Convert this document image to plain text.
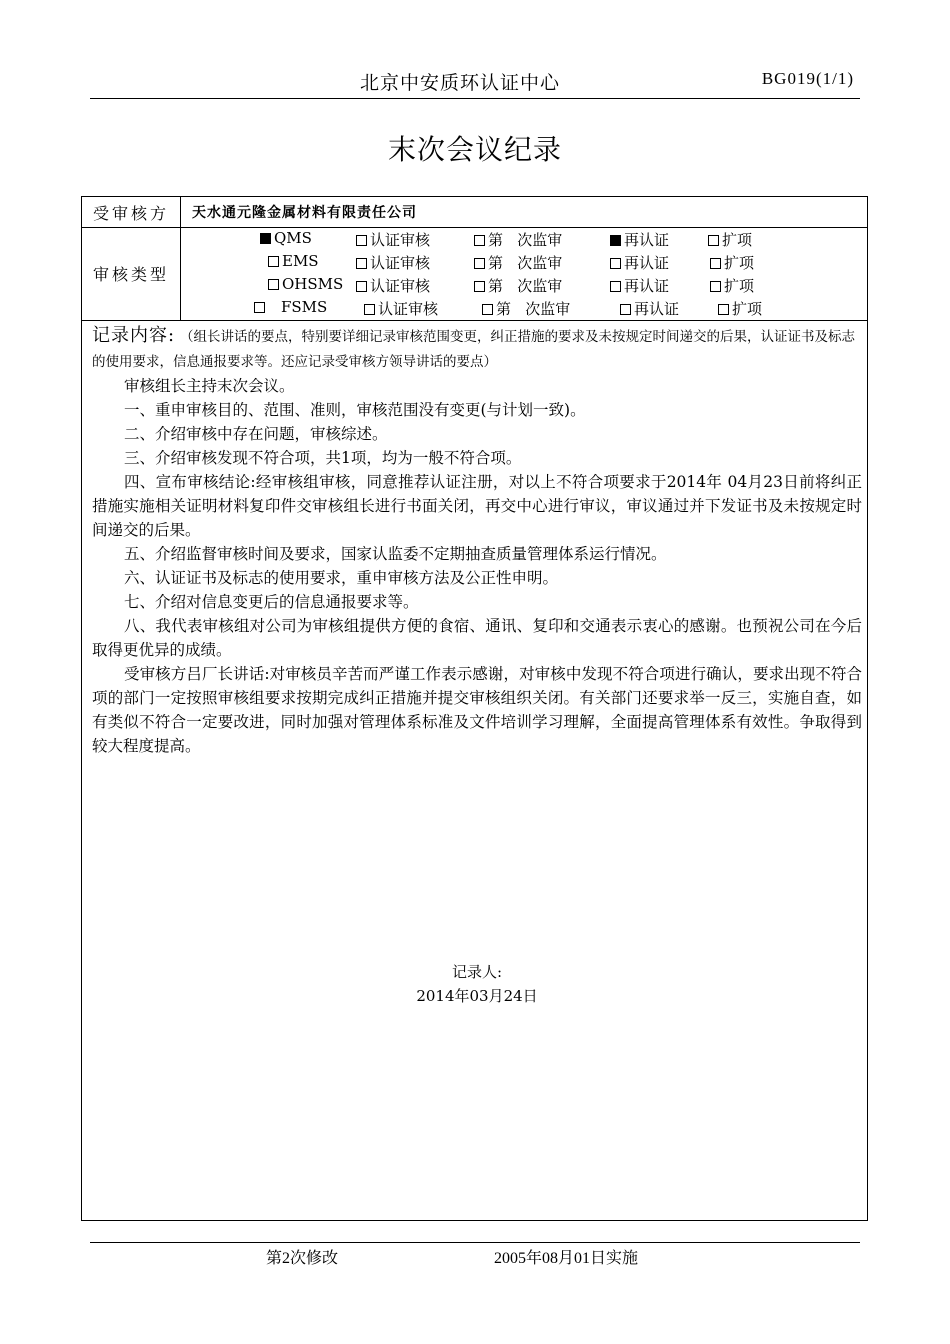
北京中安质环认证中心	BG019(1/1)
末次会议纪录
受审核方	天水通元隆金属材料有限责任公司
审核类型
QMS	认证审核	第   次监审	再认证	扩项
EMS	认证审核	第   次监审	再认证	扩项
OHSMS	认证审核	第   次监审	再认证	扩项
FSMS	认证审核	第   次监审	再认证	扩项

记录内容: （组长讲话的要点，特别要详细记录审核范围变更，纠正措施的要求及未按规定时间递交的后果，认证证书及标志的使用要求，信息通报要求等。还应记录受审核方领导讲话的要点）

审核组长主持末次会议。

一、重申审核目的、范围、准则，审核范围没有变更(与计划一致)。

二、介绍审核中存在问题，审核综述。

三、介绍审核发现不符合项，共1项，均为一般不符合项。

四、宣布审核结论:经审核组审核，同意推荐认证注册，对以上不符合项要求于2014年 04月23日前将纠正措施实施相关证明材料复印件交审核组长进行书面关闭，再交中心进行审议，审议通过并下发证书及未按规定时间递交的后果。

五、介绍监督审核时间及要求，国家认监委不定期抽查质量管理体系运行情况。

六、认证证书及标志的使用要求，重申审核方法及公正性申明。

七、介绍对信息变更后的信息通报要求等。

八、我代表审核组对公司为审核组提供方便的食宿、通讯、复印和交通表示衷心的感谢。也预祝公司在今后取得更优异的成绩。

受审核方吕厂长讲话:对审核员辛苦而严谨工作表示感谢，对审核中发现不符合项进行确认，要求出现不符合项的部门一定按照审核组要求按期完成纠正措施并提交审核组织关闭。有关部门还要求举一反三，实施自查，如有类似不符合一定要改进，同时加强对管理体系标准及文件培训学习理解，全面提高管理体系有效性。争取得到较大程度提高。

记录人:
2014年03月24日
第2次修改	2005年08月01日实施
